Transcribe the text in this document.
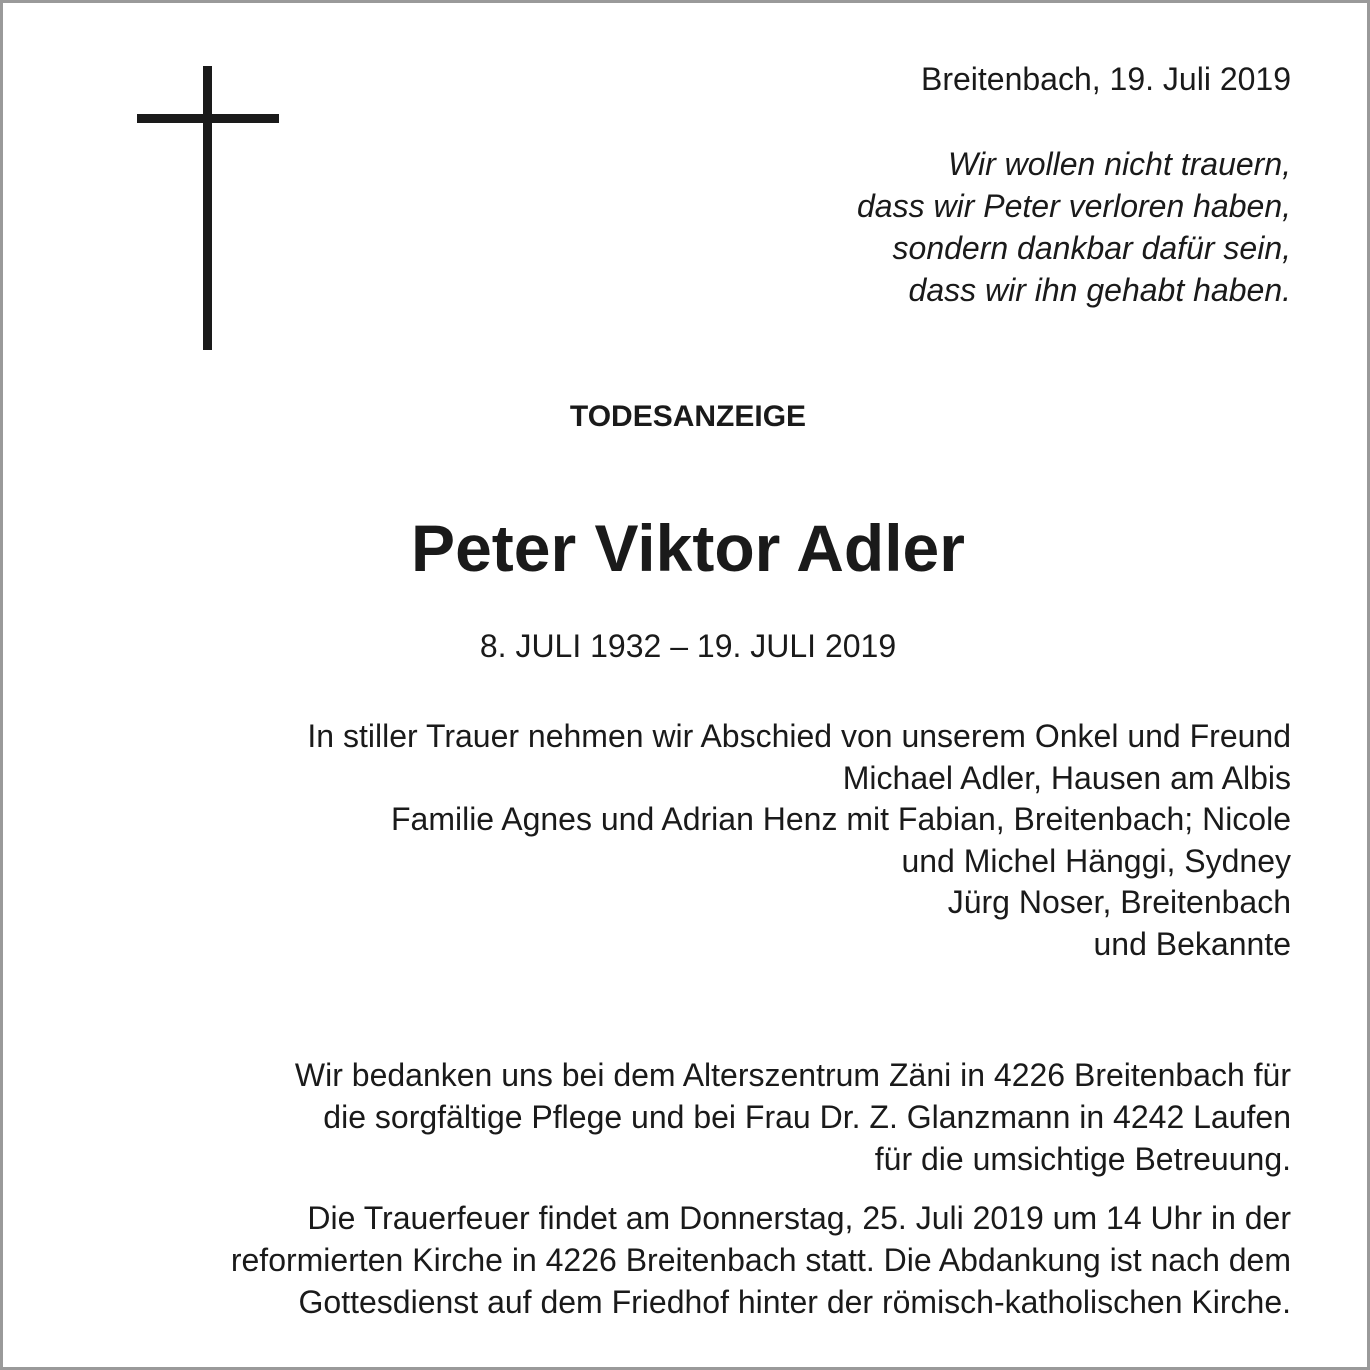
Breitenbach, 19. Juli 2019
Wir wollen nicht trauern,
dass wir Peter verloren haben,
sondern dankbar dafür sein,
dass wir ihn gehabt haben.
TODESANZEIGE
Peter Viktor Adler
8. JULI 1932 – 19. JULI 2019
In stiller Trauer nehmen wir Abschied von unserem Onkel und Freund
Michael Adler, Hausen am Albis
Familie Agnes und Adrian Henz mit Fabian, Breitenbach; Nicole
und Michel Hänggi, Sydney
Jürg Noser, Breitenbach
und Bekannte
Wir bedanken uns bei dem Alterszentrum Zäni in 4226 Breitenbach für
die sorgfältige Pflege und bei Frau Dr. Z. Glanzmann in 4242 Laufen
für die umsichtige Betreuung.
Die Trauerfeuer findet am Donnerstag, 25. Juli 2019 um 14 Uhr in der
reformierten Kirche in 4226 Breitenbach statt. Die Abdankung ist nach dem
Gottesdienst auf dem Friedhof hinter der römisch-katholischen Kirche.
